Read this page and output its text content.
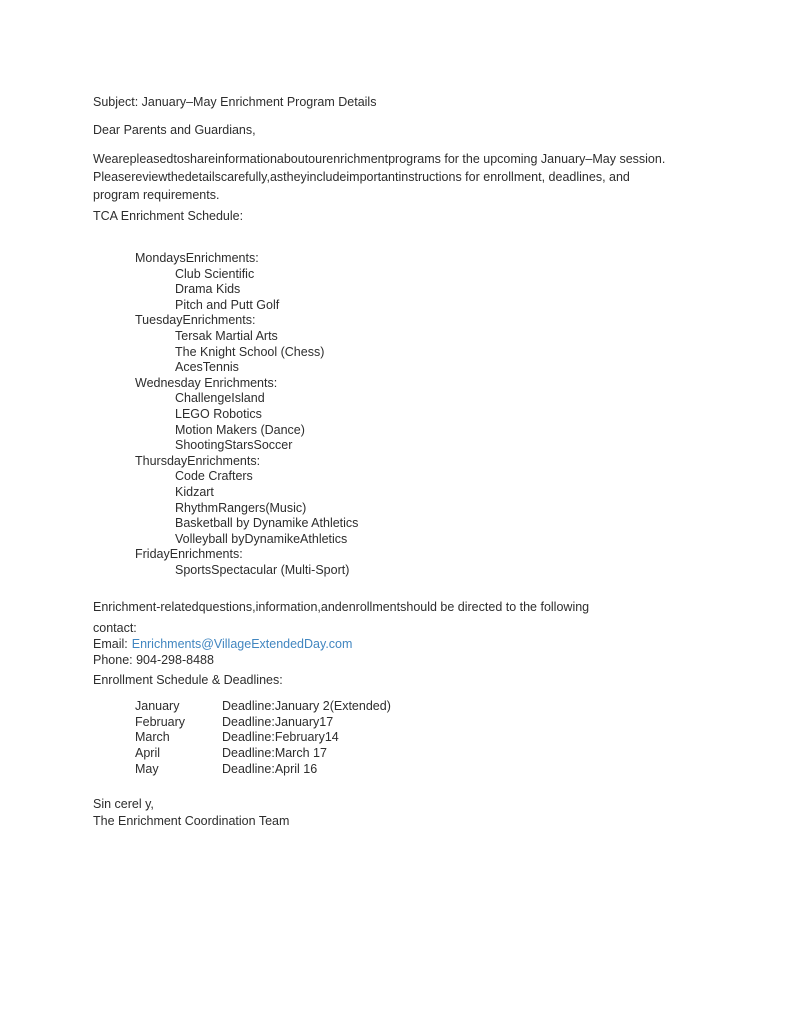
Subject: January–May Enrichment Program Details
Dear Parents and Guardians,
Wearepleasedtoshareinformationaboutourenrichmentprograms for the upcoming January–May session.
Pleasereviewthedetailscarefully,astheyincludeimportantinstructions for enrollment, deadlines, and
program requirements.
TCA Enrichment Schedule:
MondaysEnrichments:
Club Scientific
Drama Kids
Pitch and Putt Golf
TuesdayEnrichments:
Tersak Martial Arts
The Knight School (Chess)
AcesTennis
Wednesday Enrichments:
ChallengeIsland
LEGO Robotics
Motion Makers (Dance)
ShootingStarsSoccer
ThursdayEnrichments:
Code Crafters
Kidzart
RhythmRangers(Music)
Basketball by Dynamike Athletics
Volleyball byDynamikeAthletics
FridayEnrichments:
SportsSpectacular (Multi-Sport)
Enrichment-relatedquestions,information,andenrollmentshould be directed to the following
contact:
Email: Enrichments@VillageExtendedDay.com
Phone: 904-298-8488
Enrollment Schedule & Deadlines:
January	Deadline:January 2(Extended)
February	Deadline:January17
March	Deadline:February14
April	Deadline:March 17
May	Deadline:April 16
Sin cerel y,
The Enrichment Coordination Team
